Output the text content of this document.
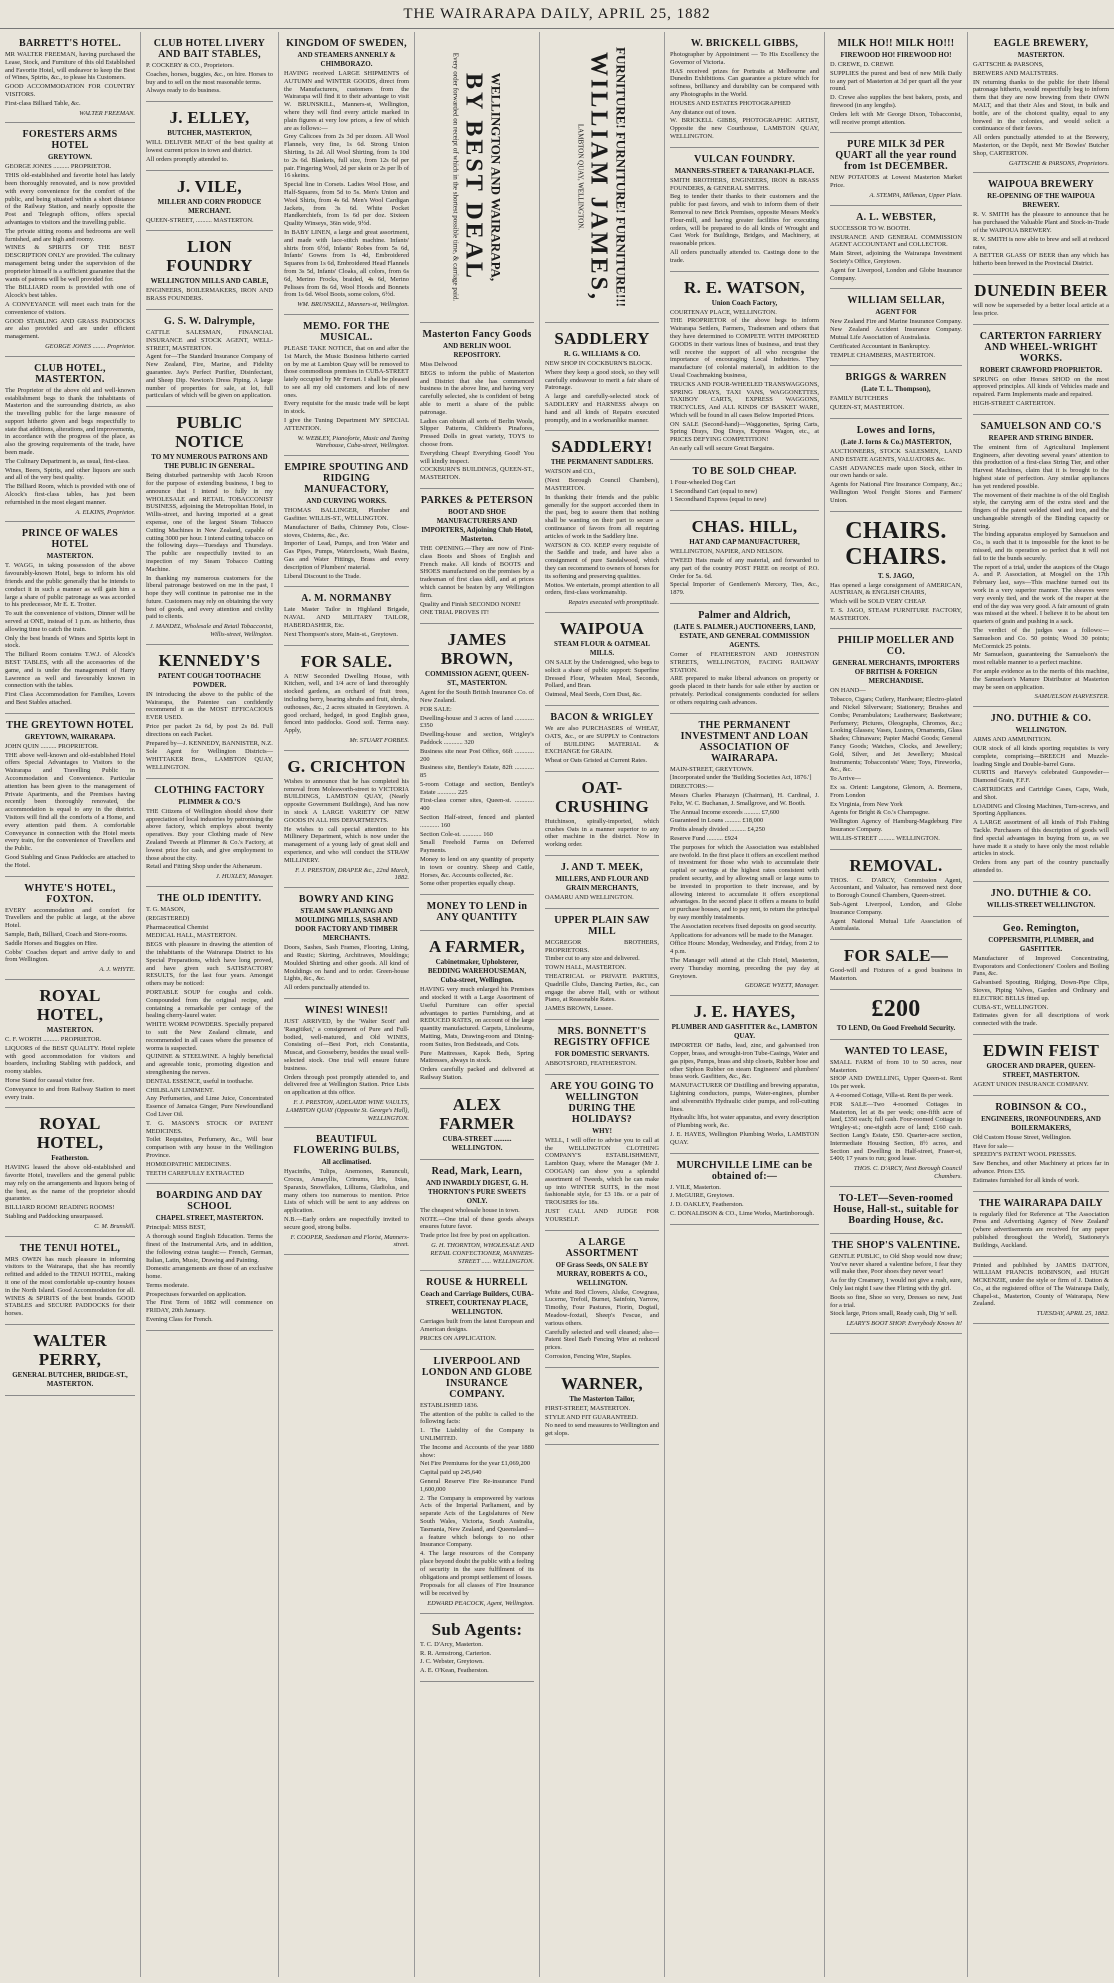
THE WAIRARAPA DAILY, APRIL 25, 1882
BARRETT'S HOTEL.

MR WALTER FREEMAN, having purchased the Lease, Stock, and Furniture of this old Established and Favorite Hotel, will endeavor to keep the Best of Wines, Spirits, &c., to please his Customers.

GOOD ACCOMMODATION FOR COUNTRY VISITORS.

First-class Billiard Table, &c.

WALTER FREEMAN.
FORESTERS ARMS HOTEL
GREYTOWN.

GEORGE JONES .......... PROPRIETOR.

THIS old-established and favorite hotel has lately been thoroughly renovated, and is now provided with every convenience for the comfort of the public, and being situated within a short distance of the Railway Station, and nearly opposite the Post and Telegraph offices, offers special advantages to visitors and the travelling public.

The private sitting rooms and bedrooms are well furnished, and are high and roomy.

WINES & SPIRITS OF THE BEST DESCRIPTION ONLY are provided. The culinary management being under the supervision of the proprietor himself is a sufficient guarantee that the wants of patrons will be well provided for.

The BILLIARD room is provided with one of Alcock's best tables.

A CONVEYANCE will meet each train for the convenience of visitors.

GOOD STABLING AND GRASS PADDOCKS are also provided and are under efficient management.

GEORGE JONES ........ Proprietor.
CLUB HOTEL, MASTERTON.

The Proprietor of the above old and well-known establishment begs to thank the inhabitants of Masterton and the surrounding districts, as also the travelling public for the large measure of support hitherto given and begs respectfully to state that additions, alterations, and improvements, in accordance with the progress of the place, as also the growing requirements of the trade, have been made.

The Culinary Department is, as usual, first-class.

Wines, Beers, Spirits, and other liquors are such and all of the very best quality.

The Billiard Room, which is provided with one of Alcock's first-class tables, has just been refurnished in the most elegant manner.

A. ELKINS, Proprietor.
PRINCE OF WALES HOTEL
MASTERTON.

T. WAGG, in taking possession of the above favourably-known Hotel, begs to inform his old friends and the public generally that he intends to conduct it in such a manner as will gain him a large a share of public patronage as was accorded to his predecessor, Mr E. E. Trotter.

To suit the convenience of visitors, Dinner will be served at ONE, instead of 1 p.m. as hitherto, thus allowing time to catch the train.

Only the best brands of Wines and Spirits kept in stock.

The Billiard Room contains T.W.J. of Alcock's BEST TABLES, with all the accessories of the game, and is under the management of Harry Lawrence as well and favourably known in connection with the tables.

First Class Accommodation for Families, Lovers and Best Stables attached.

THE GREYTOWN HOTEL
GREYTOWN, WAIRARAPA.

JOHN QUIN .......... PROPRIETOR.

THE above well-known and old-established Hotel offers Special Advantages to Visitors to the Wairarapa and Travelling Public in Accommodation and Convenience. Particular attention has been given to the management of Private Apartments, and the Premises having recently been thoroughly renovated, the accommodation is equal to any in the district. Visitors will find all the comforts of a Home, and every attention paid them. A comfortable Conveyance in connection with the Hotel meets every train, for the convenience of Travellers and the Public.

Good Stabling and Grass Paddocks are attached to the Hotel.

WHYTE'S HOTEL, FOXTON.

EVERY accommodation and comfort for Travellers and the public at large, at the above Hotel.

Sample, Bath, Billiard, Coach and Store-rooms.

Saddle Horses and Buggies on Hire.

Cobbs' Coaches depart and arrive daily to and from Wellington.

A. J. WHYTE.
ROYAL HOTEL,
MASTERTON.

C. F. WORTH .......... PROPRIETOR.

LIQUORS of the BEST QUALITY. Hotel replete with good accommodation for visitors and boarders, including Stabling with paddock, and roomy stables.

Horse Stand for casual visitor free.

Conveyance to and from Railway Station to meet every train.

ROYAL HOTEL,
Featherston.

HAVING leased the above old-established and favorite Hotel, travellers and the general public may rely on the arrangements and liquors being of the best, as the name of the proprietor should guarantee.

BILLIARD ROOM! READING ROOMS!

Stabling and Paddocking unsurpassed.

C. M. Brunskill.
THE TENUI HOTEL,

MRS OWEN has much pleasure in informing visitors to the Wairarapa, that she has recently refitted and added to the TENUI HOTEL, making it one of the most comfortable up-country houses in the North Island. Good Accommodation for all. WINES & SPIRITS of the best brands. GOOD STABLES and SECURE PADDOCKS for their horses.

WALTER PERRY,
GENERAL BUTCHER, BRIDGE-ST., MASTERTON.
CLUB HOTEL LIVERY AND BAIT STABLES,

P. COCKERY & CO., Proprietors.

Coaches, horses, buggies, &c., on hire. Horses to buy and to sell on the most reasonable terms.

Always ready to do business.

J. ELLEY,
BUTCHER, MASTERTON,

WILL DELIVER MEAT of the best quality at lowest current prices in town and district.

All orders promptly attended to.

J. VILE,
MILLER AND CORN PRODUCE MERCHANT.

QUEEN-STREET, .......... MASTERTON.

LION FOUNDRY
WELLINGTON MILLS AND CABLE,

ENGINEERS, BOILERMAKERS, IRON AND BRASS FOUNDERS.

G. S. W. Dalrymple,

CATTLE SALESMAN, FINANCIAL INSURANCE and STOCK AGENT, WELL-STREET, MASTERTON.

Agent for—The Standard Insurance Company of New Zealand, Fire, Marine, and Fidelity guarantee. Jay's Perfect Purifier, Disinfectant, and Sheep Dip. Newton's Dress Piping. A large number of properties for sale, at lot, full particulars of which will be given on application.

PUBLIC NOTICE
TO MY NUMEROUS PATRONS AND THE PUBLIC IN GENERAL.

Being disturbed partnership with Jacob Kroon for the purpose of extending business, I beg to announce that I intend to fully in my WHOLESALE and RETAIL TOBACCONIST BUSINESS, adjoining the Metropolitan Hotel, in Willis-street, and having imported at a great expense, one of the largest Steam Tobacco Cutting Machines in New Zealand, capable of cutting 3000 per hour. I intend cutting tobacco on the following days—Tuesdays and Thursdays. The public are respectfully invited to an inspection of my Steam Tobacco Cutting Machine.

In thanking my numerous customers for the liberal patronage bestowed on me in the past, I hope they will continue in patronise me in the future. Customers may rely on obtaining the very best of goods, and every attention and civility paid to clients.

J. MANDEL, Wholesale and Retail Tobacconist, Willis-street, Wellington.
KENNEDY'S
PATENT COUGH TOOTHACHE POWDER.

IN introducing the above to the public of the Wairarapa, the Patentee can confidently recommend it as the MOST EFFICACIOUS EVER USED.

Price per packet 2s 6d, by post 2s 8d. Full directions on each Packet.

Prepared by—J. KENNEDY, BANNISTER, N.Z.

Sole Agent for Wellington Districts—WHITTAKER Bros., LAMBTON QUAY, WELLINGTON.

CLOTHING FACTORY
PLIMMER & CO.'S

THE Citizens of Wellington should show their appreciation of local industries by patronising the above factory, which employs about twenty operatives. Buy your Clothing made of New Zealand Tweeds at Plimmer & Co.'s Factory, at lowest price for cash, and give employment to those about the city.

Retail and Fitting Shop under the Athenæum.

J. HUXLEY, Manager.
THE OLD IDENTITY.

T. G. MASON,

(REGISTERED)

Pharmaceutical Chemist

MEDICAL HALL, MASTERTON.

BEGS with pleasure in drawing the attention of the inhabitants of the Wairarapa District to his Special Preparations, which have long proved, and have given such SATISFACTORY RESULTS, for the last four years. Amongst others may be noticed:

PORTABLE SOUP for coughs and colds. Compounded from the original recipe, and containing a remarkable per centage of the healing cherry-laurel water.

WHITE WORM POWDERS. Specially prepared to suit the New Zealand climate, and recommended in all cases where the presence of worms is suspected.

QUININE & STEELWINE. A highly beneficial and agreeable tonic, promoting digestion and strengthening the nerves.

DENTAL ESSENCE, useful in toothache.

CHILBLAIN LINIMENT.

Any Perfumeries, and Lime Juice, Concentrated Essence of Jamaica Ginger, Pure Newfoundland Cod Liver Oil.

T. G. MASON'S STOCK OF PATENT MEDICINES.

Toilet Requisites, Perfumery, &c., Will bear comparison with any house in the Wellington Province.

HOMŒOPATHIC MEDICINES.

TEETH CAREFULLY EXTRACTED

BOARDING AND DAY SCHOOL
CHAPEL STREET, MASTERTON.

Principal: MISS BEST,

A thorough sound English Education. Terms the finest of the Instrumental Arts, and in addition, the following extras taught:— French, German, Italian, Latin, Music, Drawing and Painting.

Domestic arrangements are those of an exclusive home.

Terms moderate.

Prospectuses forwarded on application.

The First Term of 1882 will commence on FRIDAY, 20th January.

Evening Class for French.

KINGDOM OF SWEDEN,
AND STEAMERS ANNERLY & CHIMBORAZO.

HAVING received LARGE SHIPMENTS of AUTUMN and WINTER GOODS, direct from the Manufacturers, customers from the Wairarapa will find it to their advantage to visit W. BRUNSKILL, Manners-st, Wellington, where they will find every article marked in plain figures at very low prices, a few of which are as follows:—

Grey Calicoes from 2s 3d per dozen. All Wool Flannels, very fine, 1s 6d. Strong Union Shirting, 1s 2d. All Wool Shirting, from 1s 10d to 2s 6d. Blankets, full size, from 12s 6d per pair. Fingering Wool, 2d per skein or 2s per lb of 16 skeins.

Special line in Corsets. Ladies Wool Hose, and Half-Squares, from 5d to 5s. Men's Union and Wool Shirts, from 4s 6d. Men's Wool Cardigan Jackets, from 3s 6d. White Pocket Handkerchiefs, from 1s 6d per doz. Sixteen Quality Winseys, 36in wide, 9½d.

In BABY LINEN, a large and great assortment, and made with lace-stitch machine. Infants' shirts from 6½d, Infants' Robes from 5s 6d, Infants' Gowns from 1s 4d, Embroidered Squares from 1s 6d, Embroidered Head Flannels from 3s 5d, Infants' Cloaks, all colors, from 6s 6d, Merino Frocks, braided, 4s 6d, Merino Pelisses from 8s 6d, Wool Hoods and Bonnets from 1s 6d. Wool Boots, some colors, 6½d.

WM. BRUNSKILL, Manners-st, Wellington.
MEMO. FOR THE MUSICAL.

PLEASE TAKE NOTICE, that on and after the 1st March, the Music Business hitherto carried on by me at Lambton Quay will be removed to those commodious premises in CUBA-STREET lately occupied by Mr Ferrari. I shall be pleased to see all my old customers and lots of new ones.

Every requisite for the music trade will be kept in stock.

I give the Tuning Department MY SPECIAL ATTENTION.

W. WEBLEY, Pianoforte, Music and Tuning Warehouse, Cuba-street, Wellington.
EMPIRE SPOUTING AND RIDGING MANUFACTORY,
AND CURVING WORKS.

THOMAS BALLINGER, Plumber and Gasfitter. WILLIS-ST., WELLINGTON.

Manufacturer of Baths, Chimney Pots, Close-stoves, Cisterns, &c., &c.

Importer of Lead, Pumps, and Iron Water and Gas Pipes, Pumps, Waterclosets, Wash Basins, Gas and Water Fittings, Brass and every description of Plumbers' material.

Liberal Discount to the Trade.

A. M. NORMANBY

Late Master Tailor in Highland Brigade, NAVAL AND MILITARY TAILOR, HABERDASHER, Etc.

Next Thompson's store, Main-st., Greytown.

FOR SALE.

A NEW Seconded Dwelling House, with Kitchen, well, and 1/4 acre of land thoroughly stocked gardens, an orchard of fruit trees, including berry, bearing shrubs and fruit, shrubs, outhouses, &c., 2 acres situated in Greytown. A good orchard, hedged, in good English grass, fenced into paddocks. Good soil. Terms easy. Apply,

Mr. STUART FORBES.
G. CRICHTON

Wishes to announce that he has completed his removal from Molesworth-street to VICTORIA BUILDINGS, LAMBTON QUAY, (Nearly opposite Government Buildings), And has now in stock A LARGE VARIETY OF NEW GOODS IN ALL HIS DEPARTMENTS.

He wishes to call special attention to his Millinery Department, which is now under the management of a young lady of great skill and experience, and who will conduct the STRAW MILLINERY.

F. J. PRESTON, DRAPER &c., 22nd March, 1882.
BOWRY AND KING
STEAM SAW PLANING AND MOULDING MILLS, SASH AND DOOR FACTORY AND TIMBER MERCHANTS.

Doors, Sashes, Sash Frames, Flooring, Lining, and Rustic; Skirting, Architraves, Mouldings; Moulded Shirting and other goods. All kind of Mouldings on hand and to order. Green-house Lights, &c., &c.

All orders punctually attended to.

WINES! WINES!!

JUST ARRIVED, by the 'Walter Scott' and 'Rangitikei,' a consignment of Pure and Full-bodied, well-matured, and Old WINES, Consisting of—Best Port, rich Constantia, Muscat, and Gooseberry, besides the usual well-selected stock. One trial will ensure future business.

Orders through post promptly attended to, and delivered free at Wellington Station. Price Lists on application at this office.

F. J. PRESTON, ADELAIDE WINE VAULTS, LAMBTON QUAY (Opposite St. George's Hall), WELLINGTON.
BEAUTIFUL FLOWERING BULBS,
All acclimatised.

Hyacinths, Tulips, Anemones, Ranunculi, Crocus, Amaryllis, Crinums, Iris, Ixias, Sparaxis, Snowflakes, Lilliums, Gladiolus, and many others too numerous to mention. Price Lists of which will be sent to any address on application.

N.B.—Early orders are respectfully invited to secure good, strong bulbs.

F. COOPER, Seedsman and Florist, Manners-street.
WELLINGTON AND WAIRARAPA,
BY BEST DEAL
Every order forwarded on receipt of which in the shortest possible time, & carriage paid.
Masterton Fancy Goods
AND BERLIN WOOL REPOSITORY.

Miss Delwood

BEGS to inform the public of Masterton and District that she has commenced business in the above line, and having very carefully selected, she is confident of being able to merit a share of the public patronage.

Ladies can obtain all sorts of Berlin Wools, Slipper Patterns, Children's Pinafores, Pressed Dolls in great variety, TOYS to choose from.

Everything Cheap! Everything Good! You will kindly inspect.

COCKBURN'S BUILDINGS, QUEEN-ST., MASTERTON.

PARKES & PETERSON
BOOT AND SHOE MANUFACTURERS AND IMPORTERS, Adjoining Club Hotel, Masterton.

THE OPENING.—They are now of First-class Boots and Shoes of English and French make. All kinds of BOOTS and SHOES manufactured on the premises by a tradesman of first class skill, and at prices which cannot be beaten by any Wellington firm.

Quality and Finish SECONDO NONE!

ONE TRIAL PROVES IT!

JAMES BROWN,
COMMISSION AGENT, QUEEN-ST., MASTERTON.

Agent for the South British Insurance Co. of New Zealand.

FOR SALE:

Dwelling-house and 3 acres of land ............ £350

Dwelling-house and section, Wrigley's Paddock ............ 320

Business site near Post Office, 66ft ............ 200

Business site, Bentley's Estate, 82ft ............ 85

5-room Cottage and section, Bentley's Estate ............ 225

First-class corner sites, Queen-st. ............ 400

Section Half-street, fenced and planted ............ 160

Section Cole-st. ............ 160

Small Freehold Farms on Deferred Payments.

Money to lend on any quantity of property in town or country. Sheep and Cattle, Horses, &c. Accounts collected, &c.

Some other properties equally cheap.

MONEY TO LEND in ANY QUANTITY
A FARMER,
Cabinetmaker, Upholsterer, BEDDING WAREHOUSEMAN, Cuba-street, Wellington.

HAVING very much enlarged his Premises and stocked it with a Large Assortment of Useful Furniture can offer special advantages to parties Furnishing, and at REDUCED RATES, on account of the large quantity manufactured. Carpets, Linoleums, Matting, Mats, Drawing-room and Dining-room Suites, Iron Bedsteads, and Cots.

Pure Mattresses, Kapok Beds, Spring Mattresses, always in stock.

Orders carefully packed and delivered at Railway Station.

ALEX FARMER
CUBA-STREET .......... WELLINGTON.
Read, Mark, Learn,
AND INWARDLY DIGEST, G. H. THORNTON'S PURE SWEETS ONLY.

The cheapest wholesale house in town.

NOTE.—One trial of these goods always ensures future favor.

Trade price list free by post on application.

G. H. THORNTON, WHOLESALE AND RETAIL CONFECTIONER, MANNERS-STREET ...... WELLINGTON.
ROUSE & HURRELL
Coach and Carriage Builders, CUBA-STREET, COURTENAY PLACE, WELLINGTON.

Carriages built from the latest European and American designs.

PRICES ON APPLICATION.

LIVERPOOL AND LONDON AND GLOBE INSURANCE COMPANY.

ESTABLISHED 1836.

The attention of the public is called to the following facts:

1. The Liability of the Company is UNLIMITED.

The Income and Accounts of the year 1880 show:

Net Fire Premiums for the year £1,069,200

Capital paid up 245,640

General Reserve Fire Re-insurance Fund 1,600,000

2. The Company is empowered by various Acts of the Imperial Parliament, and by separate Acts of the Legislatures of New South Wales, Victoria, South Australia, Tasmania, New Zealand, and Queensland—a feature which belongs to no other Insurance Company.

4. The large resources of the Company place beyond doubt the public with a feeling of security in the sure fulfilment of its obligations and prompt settlement of losses.

Proposals for all classes of Fire Insurance will be received by

EDWARD PEACOCK, Agent, Wellington.
Sub Agents:

T. C. D'Arcy, Masterton.

R. R. Armstrong, Carterton.

J. C. Webster, Greytown.

A. E. O'Kean, Featherston.

FURNITURE! FURNITURE! FURNITURE!!!
WILLIAM JAMES,
LAMBTON QUAY, WELLINGTON.
SADDLERY
R. G. WILLIAMS & CO.

NEW SHOP IN COCKBURN'S BLOCK.

Where they keep a good stock, so they will carefully endeavour to merit a fair share of Patronage.

A large and carefully-selected stock of SADDLERY and HARNESS always on hand and all kinds of Repairs executed promptly, and in a workmanlike manner.

SADDLERY!
THE PERMANENT SADDLERS.

WATSON and CO.,

(Next Borough Council Chambers), MASTERTON.

In thanking their friends and the public generally for the support accorded them in the past, beg to assure them that nothing shall be wanting on their part to secure a continuance of favors from all requiring articles of work in the Saddlery line.

WATSON & CO. KEEP every requisite of the Saddle and trade, and have also a consignment of pure Sandalwood, which they can recommend to owners of horses for its softening and preserving qualities.

Mottos. We entertain, prompt attention to all orders, first-class workmanship.

Repairs executed with promptitude.
WAIPOUA
STEAM FLOUR & OATMEAL MILLS.

ON SALE by the Undersigned, who begs to solicit a share of public support: Superfine Dressed Flour, Wheaten Meal, Seconds, Pollard, and Bran.

Oatmeal, Meal Seeds, Corn Dust, &c.

BACON & WRIGLEY

We are also PURCHASERS of WHEAT, OATS, &c., or are SUPPLY to Contractors of BUILDING MATERIAL & EXCHANGE for GRAIN.

Wheat or Oats Gristed at Current Rates.

OAT-CRUSHING

Hutchinson, spirally-imported, which crushes Oats in a manner superior to any other machine in the district. Now in working order.

J. AND T. MEEK,
MILLERS, AND FLOUR AND GRAIN MERCHANTS,

OAMARU AND WELLINGTON.

UPPER PLAIN SAW MILL

MCGREGOR BROTHERS, PROPRIETORS.

Timber cut to any size and delivered.

TOWN HALL, MASTERTON.

THEATRICAL or PRIVATE PARTIES, Quadrille Clubs, Dancing Parties, &c., can engage the above Hall, with or without Piano, at Reasonable Rates.

JAMES BROWN, Lessee.

MRS. BONNETT'S REGISTRY OFFICE
FOR DOMESTIC SERVANTS.

ABBOTSFORD, FEATHERSTON.

ARE YOU GOING TO WELLINGTON DURING THE HOLIDAYS?
WHY!

WELL, I will offer to advise you to call at the WELLINGTON CLOTHING COMPANY'S ESTABLISHMENT, Lambton Quay, where the Manager (Mr J. COOGAN) can show you a splendid assortment of Tweeds, which he can make up into WINTER SUITS, in the most fashionable style, for £3 18s. or a pair of TROUSERS for 18s.

JUST CALL AND JUDGE FOR YOURSELF.

A LARGE ASSORTMENT
OF Grass Seeds, ON SALE BY MURRAY, ROBERTS & CO., WELLINGTON.

White and Red Clovers, Alsike, Cowgrass, Lucerne, Trefoil, Burnet, Sainfoin, Yarrow, Timothy, Four Pastures, Fiorin, Dogtail, Meadow-foxtail, Sheep's Fescue, and various others.

Carefully selected and well cleaned; also—Patent Steel Barb Fencing Wire at reduced prices.

Corrosion, Fencing Wire, Staples.

WARNER,
The Masterton Tailor,

FIRST-STREET, MASTERTON.

STYLE AND FIT GUARANTEED.

No need to send measures to Wellington and get slops.

W. BRICKELL GIBBS,

Photographer by Appointment — To His Excellency the Governor of Victoria.

HAS received prizes for Portraits at Melbourne and Dunedin Exhibitions. Can guarantee a picture which for softness, brilliancy and durability can be compared with any Photographs in the World.

HOUSES AND ESTATES PHOTOGRAPHED

Any distance out of town.

W. BRICKELL GIBBS, PHOTOGRAPHIC ARTIST, Opposite the new Courthouse, LAMBTON QUAY, WELLINGTON.

VULCAN FOUNDRY.
MANNERS-STREET & TARANAKI-PLACE.

SMITH BROTHERS, ENGINEERS, IRON & BRASS FOUNDERS, & GENERAL SMITHS.

Beg to tender their thanks to their customers and the public for past favors, and wish to inform them of their Removal to new Brick Premises, opposite Messrs Meek's Flour-mill, and having greater facilities for executing orders, will be prepared to do all kinds of Wrought and Cast Work for Buildings, Bridges, and Machinery, at reasonable prices.

All orders punctually attended to. Castings done to the trade.

R. E. WATSON,
Union Coach Factory,

COURTENAY PLACE, WELLINGTON.

THE PROPRIETOR of the above begs to inform Wairarapa Settlers, Farmers, Tradesmen and others that they have determined to COMPETE WITH IMPORTED GOODS in their various lines of business, and trust they will receive the support of all who recognise the importance of encouraging Local Industries. They manufacture (of colonial material), in addition to the Usual Coachmaking business,

TRUCKS AND FOUR-WHEELED TRANSWAGGONS, SPRING DRAYS, TAXI VANS, WAGGONETTES, TAXIBOY CARTS, EXPRESS WAGGONS, TRICYCLES, And ALL KINDS OF BASKET WARE, Which will be found in all cases Below Imported Prices.

ON SALE (Second-hand)—Waggonettes, Spring Carts, Spring Drays, Dog Drays, Express Wagon, etc., at PRICES DEFYING COMPETITION!

An early call will secure Great Bargains.

TO BE SOLD CHEAP.

1 Four-wheeled Dog Cart

1 Secondhand Cart (equal to new)

1 Secondhand Express (equal to new)

CHAS. HILL,
HAT AND CAP MANUFACTURER,

WELLINGTON, NAPIER, AND NELSON.

TWEED Hats made of any material, and forwarded to any part of the country POST FREE on receipt of P.O. Order for 5s. 6d.

Special Importer of Gentlemen's Mercery, Ties, &c., 1879.

Palmer and Aldrich,
(LATE S. PALMER.) AUCTIONEERS, LAND, ESTATE, AND GENERAL COMMISSION AGENTS.

Corner of FEATHERSTON AND JOHNSTON STREETS, WELLINGTON, FACING RAILWAY STATION.

ARE prepared to make liberal advances on property or goods placed in their hands for sale either by auction or privately. Periodical consignments conducted for sellers or others requiring cash advances.

THE PERMANENT INVESTMENT AND LOAN ASSOCIATION OF WAIRARAPA.

MAIN-STREET, GREYTOWN.

[Incorporated under the 'Building Societies Act, 1876.']

DIRECTORS:—

Messrs Charles Pharazyn (Chairman), H. Cardinal, J. Feltz, W. C. Buchanan, J. Smallgrove, and W. Booth.

The Annual Income exceeds .......... £7,600

Guaranteed in Loans .......... £18,000

Profits already divided .......... £4,250

Reserve Fund .......... £924

The purposes for which the Association was established are twofold. In the first place it offers an excellent method of investment for those who wish to accumulate their capital or savings at the highest rates consistent with prudent security, and by allowing small or large sums to be invested in proportion to their increase, and by allowing interest to accumulate it offers exceptional advantages. In the second place it offers a means to build or purchase houses, and to pay rent, to return the principal by easy monthly instalments.

The Association receives fixed deposits on good security.

Applications for advances will be made to the Manager.

Office Hours: Monday, Wednesday, and Friday, from 2 to 4 p.m.

The Manager will attend at the Club Hotel, Masterton, every Thursday morning, preceding the pay day at Greytown.

GEORGE WYETT, Manager.
J. E. HAYES,
PLUMBER AND GASFITTER &c., LAMBTON QUAY.

IMPORTER OF Baths, lead, zinc, and galvanised iron Copper, brass, and wrought-iron Tube-Casings, Water and gas pipes, Pumps, brass and ship closets, Rubber hose and other Siphon Rubber on steam Engineers' and plumbers' brass work. Gasfitters, &c., &c.

MANUFACTURER OF Distilling and brewing apparatus, Lightning conductors, pumps, Water-engines, plumber and silversmith's Hydraulic cider pumps, and roll-cutting lines.

Hydraulic lifts, hot water apparatus, and every description of Plumbing work, &c.

J. E. HAYES, Wellington Plumbing Works, LAMBTON QUAY.

MURCHVILLE LIME can be obtained of:—

J. VILE, Masterton.

J. McGUIRE, Greytown.

J. D. OAKLEY, Featherston.

C. DONALDSON & CO., Lime Works, Martinborough.

MILK HO!! MILK HO!!!
FIREWOOD HO! FIREWOOD HO!

D. CREWE, D. CREWE

SUPPLIES the purest and best of new Milk Daily to any part of Masterton at 3d per quart all the year round.

D. Crewe also supplies the best bakers, posts, and firewood (in any lengths).

Orders left with Mr George Dixon, Tobacconist, will receive prompt attention.

PURE MILK 3d PER QUART all the year round from 1st DECEMBER.

NEW POTATOES at Lowest Masterton Market Price.

A. STEMPA, Milkman, Upper Plain.
A. L. WEBSTER,

SUCCESSOR TO W. BOOTH.

INSURANCE AND GENERAL COMMISSION AGENT ACCOUNTANT and COLLECTOR.

Main Street, adjoining the Wairarapa Investment Society's Office, Greytown.

Agent for Liverpool, London and Globe Insurance Company.

WILLIAM SELLAR,
AGENT FOR

New Zealand Fire and Marine Insurance Company. New Zealand Accident Insurance Company. Mutual Life Association of Australasia.

Certificated Accountant in Bankruptcy.

TEMPLE CHAMBERS, MASTERTON.

BRIGGS & WARREN
(Late T. L. Thompson),

FAMILY BUTCHERS

QUEEN-ST, MASTERTON.

Lowes and Iorns,
(Late J. Iorns & Co.) MASTERTON,

AUCTIONEERS, STOCK SALESMEN, LAND AND ESTATE AGENTS, VALUATORS &c.

CASH ADVANCES made upon Stock, either in our own hands or sale.

Agents for National Fire Insurance Company, &c.; Wellington Wool Freight Stores and Farmers' Union.

CHAIRS. CHAIRS.
T. S. JAGO,

Has opened a large consignment of AMERICAN, AUSTRIAN, & ENGLISH CHAIRS,

Which will be SOLD VERY CHEAP.

T. S. JAGO, STEAM FURNITURE FACTORY, MASTERTON.

PHILIP MOELLER AND CO.
GENERAL MERCHANTS, IMPORTERS OF BRITISH & FOREIGN MERCHANDISE.

ON HAND—

Tobacco, Cigars; Cutlery, Hardware; Electro-plated and Nickel Silverware; Stationery; Brushes and Combs; Perambulators; Leatherware; Basketware; Perfumery; Pictures, Oleographs, Chromos, &c.; Looking Glasses; Vases, Lustres, Ornaments, Glass Shades; Chinaware; Papier Maché Goods; General Fancy Goods; Watches, Clocks, and Jewellery; Gold, Silver, and Jet Jewellery; Musical Instruments; Tobacconists' Ware; Toys, Fireworks, &c., &c.

To Arrive—

Ex ss. Orient: Langstone, Glenorn, A. Bremens, From London

Ex Virginia, from New York

Agents for Bright & Co.'s Champagne.

Wellington Agency of Hamburg-Magdeburg Fire Insurance Company.

WILLIS-STREET .......... WELLINGTON.

REMOVAL.

THOS. C. D'ARCY, Commission Agent, Accountant, and Valuator, has removed next door to Borough Council Chambers, Queen-street.

Sub-Agent Liverpool, London, and Globe Insurance Company.

Agent National Mutual Life Association of Australasia.

FOR SALE—

Good-will and Fixtures of a good business in Masterton.

£200
TO LEND, On Good Freehold Security.
WANTED TO LEASE,

SMALL FARM of from 10 to 50 acres, near Masterton.

SHOP AND DWELLING, Upper Queen-st. Rent 10s per week.

A 4-roomed Cottage, Villa-st. Rent 8s per week.

FOR SALE—Two 4-roomed Cottages in Masterton, let at 8s per week; one-fifth acre of land, £350 each; full cash. Four-roomed Cottage in Wrigley-st.; one-eighth acre of land; £160 cash. Section Lang's Estate, £50. Quarter-acre section, Intermediate Housing Section, 8½ acres, and Section and Dwelling in Half-street, Fraser-st, £400; 17 years to run; good lease.

THOS. C. D'ARCY, Next Borough Council Chambers.
TO-LET—Seven-roomed House, Hall-st., suitable for Boarding House, &c.
THE SHOP'S VALENTINE.

GENTLE PUBLIC, to Old Shop would now draw; You've never shared a valentine before, I fear they will make thee, Poor shoes they never wear!

As for thy Creamery, I would not give a rush, sure, Only last night I saw thee Flirting with thy girl.

Boots so fine, Shoe so very, Dresses so new, Just for a trial.

Stock large, Prices small, Ready cash, Dig 'n' sell.

LEARY'S BOOT SHOP. Everybody Knows It!
EAGLE BREWERY,
MASTERTON.

GATTSCHE & PARSONS,

BREWERS AND MALTSTERS.

IN returning thanks to the public for their liberal patronage hitherto, would respectfully beg to inform them that they are now brewing from their OWN MALT, and that their Ales and Stout, in bulk and bottle, are of the choicest quality, equal to any brewed in the colonies, and would solicit a continuance of their favors.

All orders punctually attended to at the Brewery, Masterton, or the Depôt, next Mr Bowles' Butcher Shop, CARTERTON.

GATTSCHE & PARSONS, Proprietors.
WAIPOUA BREWERY
RE-OPENING OF THE WAIPOUA BREWERY.

R. V. SMITH has the pleasure to announce that he has purchased the Valuable Plant and Stock-in-Trade of the WAIPOUA BREWERY.

R. V. SMITH is now able to brew and sell at reduced rates,

A BETTER GLASS OF BEER than any which has hitherto been brewed in the Provincial District.

DUNEDIN BEER

will now be superseded by a better local article at a less price.

CARTERTON FARRIERY AND WHEEL-WRIGHT WORKS.
ROBERT CRAWFORD PROPRIETOR.

SPRUNG on other Horses SHOD on the most approved principles. All kinds of Vehicles made and repaired. Farm Implements made and repaired.

HIGH-STREET CARTERTON.

SAMUELSON AND CO.'S
REAPER AND STRING BINDER.

The eminent firm of Agricultural Implement Engineers, after devoting several years' attention to this production of a first-class String Tier, and other Harvest Machines, claim that it is brought to the highest state of perfection. Any similar appliances has yet rendered possible.

The movement of their machine is of the old English style, the carrying arm of the extra steel and the fingers of the patent welded steel and iron, and the unchangeable strength of the Binding capacity or String.

The binding apparatus employed by Samuelson and Co., is such that it is impossible for the knot to be missed, and its operation so perfect that it will not fail to tie the bunds securely.

The report of a trial, under the auspices of the Otago A. and P. Association, at Mosgiel on the 17th February last, says—This machine turned out its work in a very superior manner. The sheaves were very evenly tied, and the work of the reaper at the end of the day was very good. A fair amount of grain was missed at the wheel. I believe it to be about ten quarters of grain and pushing in a sack.

The verdict of the judges was a follows:—Samuelson and Co. 50 points; Wood 30 points; McCormick 25 points.

Mr Samuelson, guaranteeing the Samuelson's the most reliable manner to a perfect machine.

For ample evidence as to the merits of this machine, the Samuelson's Manure Distributor at Masterton may be seen on application.

SAMUELSON HARVESTER.
JNO. DUTHIE & CO.
WELLINGTON.

ARMS AND AMMUNITION.

OUR stock of all kinds sporting requisites is very complete, comprising—BREECH and Muzzle-loading Single and Double-barrel Guns.

CURTIS and Harvey's celebrated Gunpowder—Diamond Grain, F.F.F.

CARTRIDGES and Cartridge Cases, Caps, Wads, and Shot.

LOADING and Closing Machines, Turn-screws, and Sporting Appliances.

A LARGE assortment of all kinds of Fish Fishing Tackle. Purchasers of this description of goods will find special advantages in buying from us, as we have made it a study to have only the most reliable articles in stock.

Orders from any part of the country punctually attended to.

JNO. DUTHIE & CO.
WILLIS-STREET WELLINGTON.
Geo. Remington,
COPPERSMITH, PLUMBER, and GASFITTER.

Manufacturer of Improved Concentrating, Evaporators and Confectioners' Coolers and Boiling Pans, &c.

Galvanised Spouting, Ridging, Down-Pipe Clips, Stoves, Piping Valves, Garden and Ordinary and ELECTRIC BELLS fitted up.

CUBA-ST., WELLINGTON.

Estimates given for all descriptions of work connected with the trade.

EDWIN FEIST
GROCER AND DRAPER, QUEEN-STREET, MASTERTON.

AGENT UNION INSURANCE COMPANY.

ROBINSON & CO.,
ENGINEERS, IRONFOUNDERS, AND BOILERMAKERS,

Old Custom House Street, Wellington.

Have for sale—

SPEEDY'S PATENT WOOL PRESSES.

Saw Benches, and other Machinery at prices far in advance. Prices £35.

Estimates furnished for all kinds of work.

THE WAIRARAPA DAILY

is regularly filed for Reference at 'The Association Press and Advertising Agency of New Zealand' (where advertisements are received for any paper published throughout the World), Stationery's Buildings, Auckland.

Printed and published by JAMES DATTON, WILLIAM FRANCIS ROBINSON, and HUGH MCKENZIE, under the style or firm of J. Datton & Co., at the registered office of The Wairarapa Daily, Chapel-st., Masterton, County of Wairarapa, New Zealand.

TUESDAY, APRIL 25, 1882.
